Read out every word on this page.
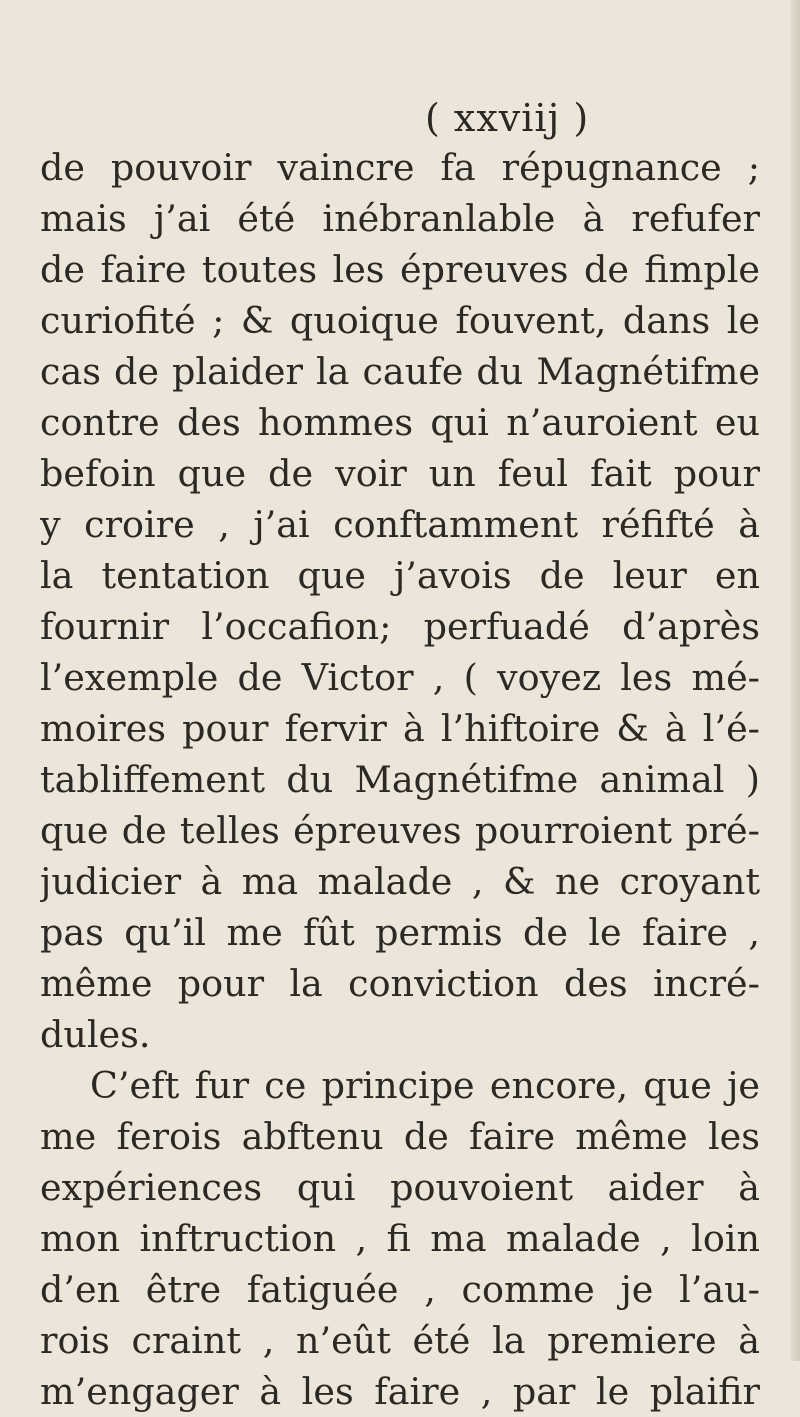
( xxviij )
de pouvoir vaincre fa répugnance ;
mais j’ai été inébranlable à refufer
de faire toutes les épreuves de fimple
curiofité ; & quoique fouvent, dans le
cas de plaider la caufe du Magnétifme
contre des hommes qui n’auroient eu
befoin que de voir un feul fait pour
y croire , j’ai conftamment réfifté à
la tentation que j’avois de leur en
fournir l’occafion; perfuadé d’après
l’exemple de Victor , ( voyez les mé-
moires pour fervir à l’hiftoire & à l’é-
tabliffement du Magnétifme animal )
que de telles épreuves pourroient pré-
judicier à ma malade , & ne croyant
pas qu’il me fût permis de le faire ,
même pour la conviction des incré-
dules.
C’eft fur ce principe encore, que je
me ferois abftenu de faire même les
expériences qui pouvoient aider à
mon inftruction , fi ma malade , loin
d’en être fatiguée , comme je l’au-
rois craint , n’eût été la premiere à
m’engager à les faire , par le plaifir
